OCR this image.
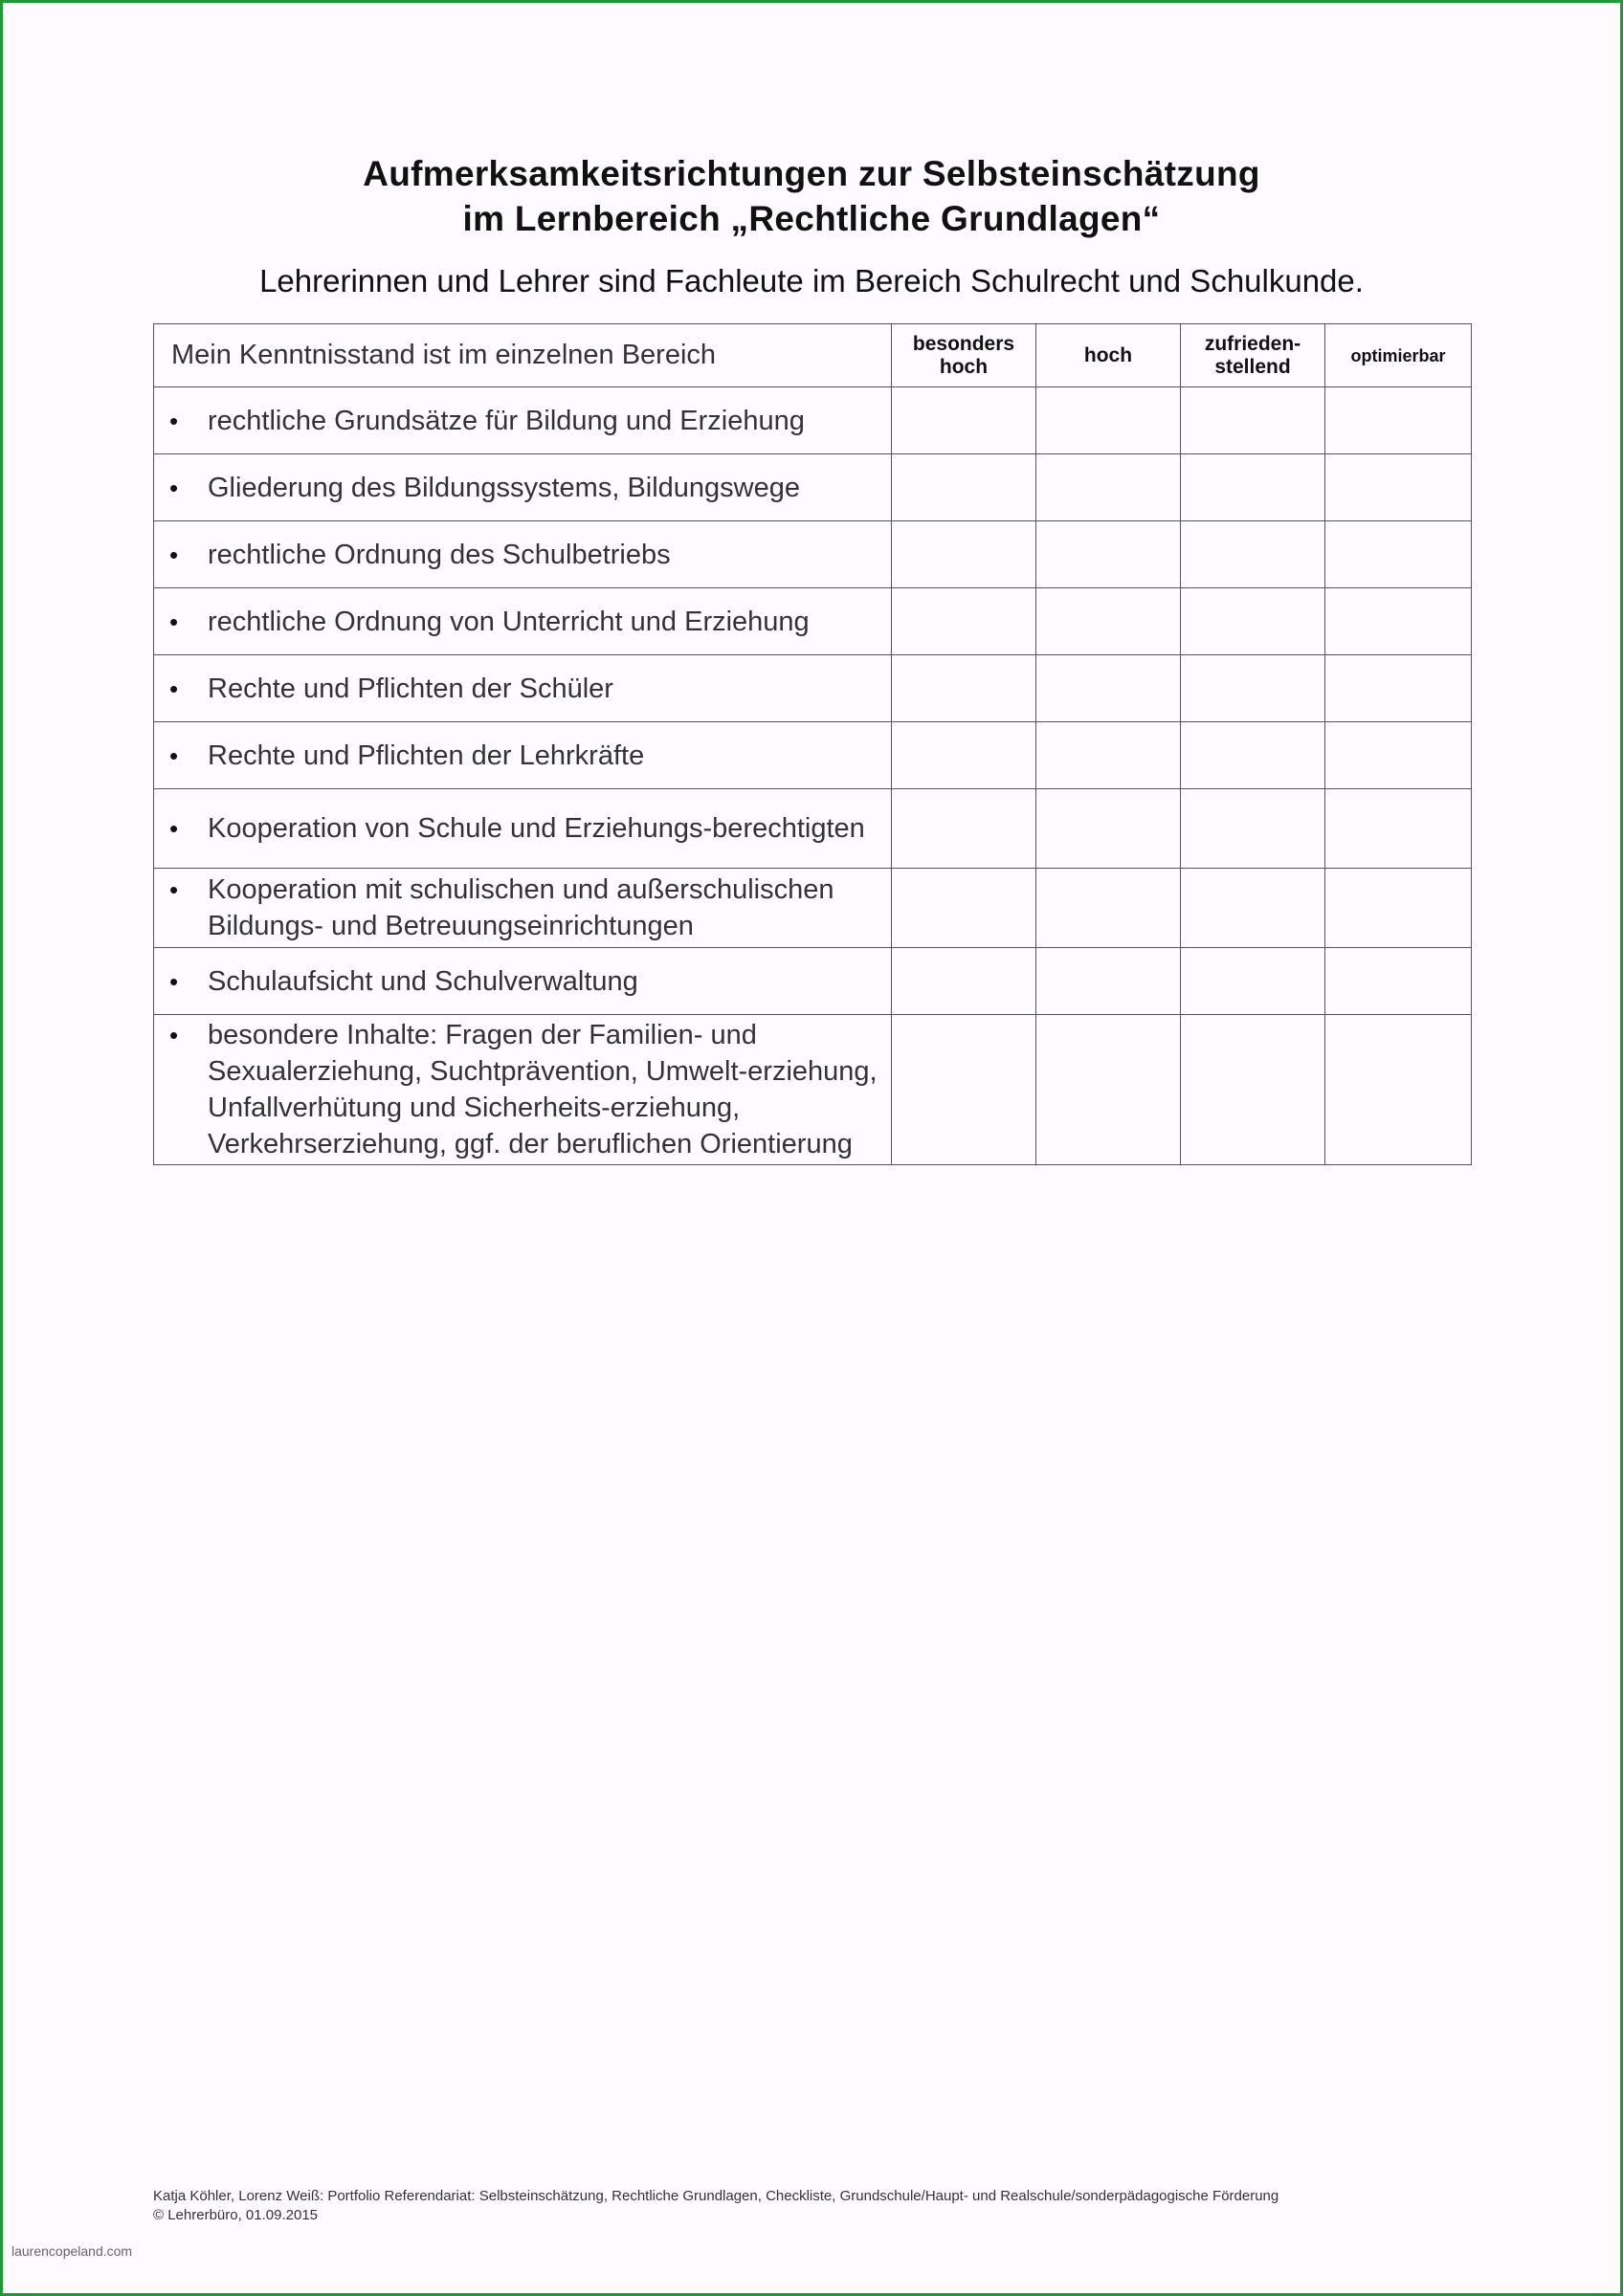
Aufmerksamkeitsrichtungen zur Selbsteinschätzung
im Lernbereich „Rechtliche Grundlagen“
Lehrerinnen und Lehrer sind Fachleute im Bereich Schulrecht und Schulkunde.
Mein Kenntnisstand ist im einzelnen Bereich	besonders hoch	hoch	zufrieden-stellend	optimierbar

• rechtliche Grundsätze für Bildung und Erziehung				

• Gliederung des Bildungssystems, Bildungswege				

• rechtliche Ordnung des Schulbetriebs				

• rechtliche Ordnung von Unterricht und Erziehung				

• Rechte und Pflichten der Schüler				

• Rechte und Pflichten der Lehrkräfte				

• Kooperation von Schule und Erziehungs-berechtigten				

• Kooperation mit schulischen und außerschulischen Bildungs- und Betreuungseinrichtungen				

• Schulaufsicht und Schulverwaltung				

• besondere Inhalte: Fragen der Familien- und Sexualerziehung, Suchtprävention, Umwelt-erziehung, Unfallverhütung und Sicherheits-erziehung, Verkehrserziehung, ggf. der beruflichen Orientierung				

Katja Köhler, Lorenz Weiß: Portfolio Referendariat: Selbsteinschätzung, Rechtliche Grundlagen, Checkliste, Grundschule/Haupt- und Realschule/sonderpädagogische Förderung
© Lehrerbüro, 01.09.2015
laurencopeland.com
